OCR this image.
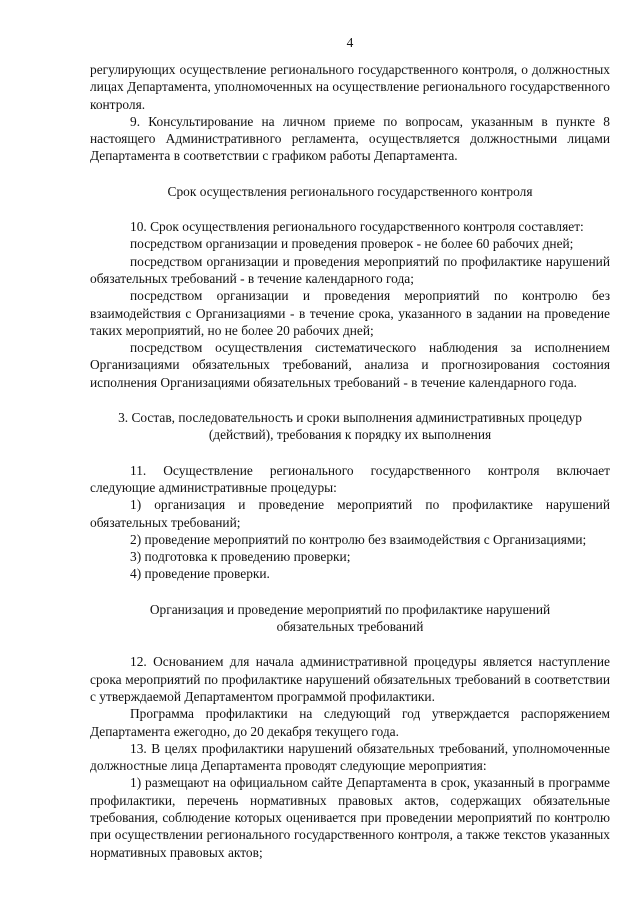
4

регулирующих осуществление регионального государственного контроля, о должностных лицах Департамента, уполномоченных на осуществление регионального государственного контроля.

9. Консультирование на личном приеме по вопросам, указанным в пункте 8 настоящего Административного регламента, осуществляется должностными лицами Департамента в соответствии с графиком работы Департамента.

Срок осуществления регионального государственного контроля

10. Срок осуществления регионального государственного контроля составляет:

посредством организации и проведения проверок - не более 60 рабочих дней;

посредством организации и проведения мероприятий по профилактике нарушений обязательных требований - в течение календарного года;

посредством организации и проведения мероприятий по контролю без взаимодействия с Организациями - в течение срока, указанного в задании на проведение таких мероприятий, но не более 20 рабочих дней;

посредством осуществления систематического наблюдения за исполнением Организациями обязательных требований, анализа и прогнозирования состояния исполнения Организациями обязательных требований - в течение календарного года.

3. Состав, последовательность и сроки выполнения административных процедур (действий), требования к порядку их выполнения

11. Осуществление регионального государственного контроля включает следующие административные процедуры:

1) организация и проведение мероприятий по профилактике нарушений обязательных требований;

2) проведение мероприятий по контролю без взаимодействия с Организациями;

3) подготовка к проведению проверки;

4) проведение проверки.

Организация и проведение мероприятий по профилактике нарушений обязательных требований

12. Основанием для начала административной процедуры является наступление срока мероприятий по профилактике нарушений обязательных требований в соответствии с утверждаемой Департаментом программой профилактики.

Программа профилактики на следующий год утверждается распоряжением Департамента ежегодно, до 20 декабря текущего года.

13. В целях профилактики нарушений обязательных требований, уполномоченные должностные лица Департамента проводят следующие мероприятия:

1) размещают на официальном сайте Департамента в срок, указанный в программе профилактики, перечень нормативных правовых актов, содержащих обязательные требования, соблюдение которых оценивается при проведении мероприятий по контролю при осуществлении регионального государственного контроля, а также текстов указанных нормативных правовых актов;
